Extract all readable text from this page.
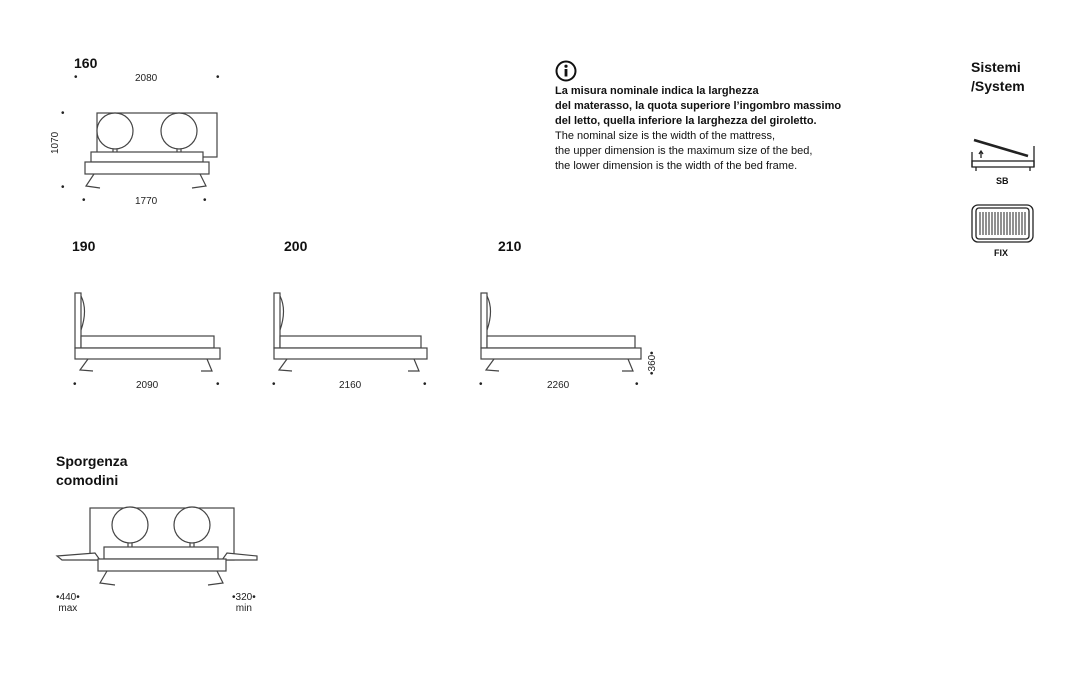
160
•	2080	•
•
1070
•
•	1770	•
190	200	210
•	2090	•	•	2160	•	•	2260	•
•360•
La misura nominale indica la larghezza
del materasso, la quota superiore l’ingombro massimo
del letto, quella inferiore la larghezza del giroletto.
The nominal size is the width of the mattress,
the upper dimension is the maximum size of the bed,
the lower dimension is the width of the bed frame.
Sistemi
/System
SB
FIX
Sporgenza
comodini
•440•
max
•320•
min
